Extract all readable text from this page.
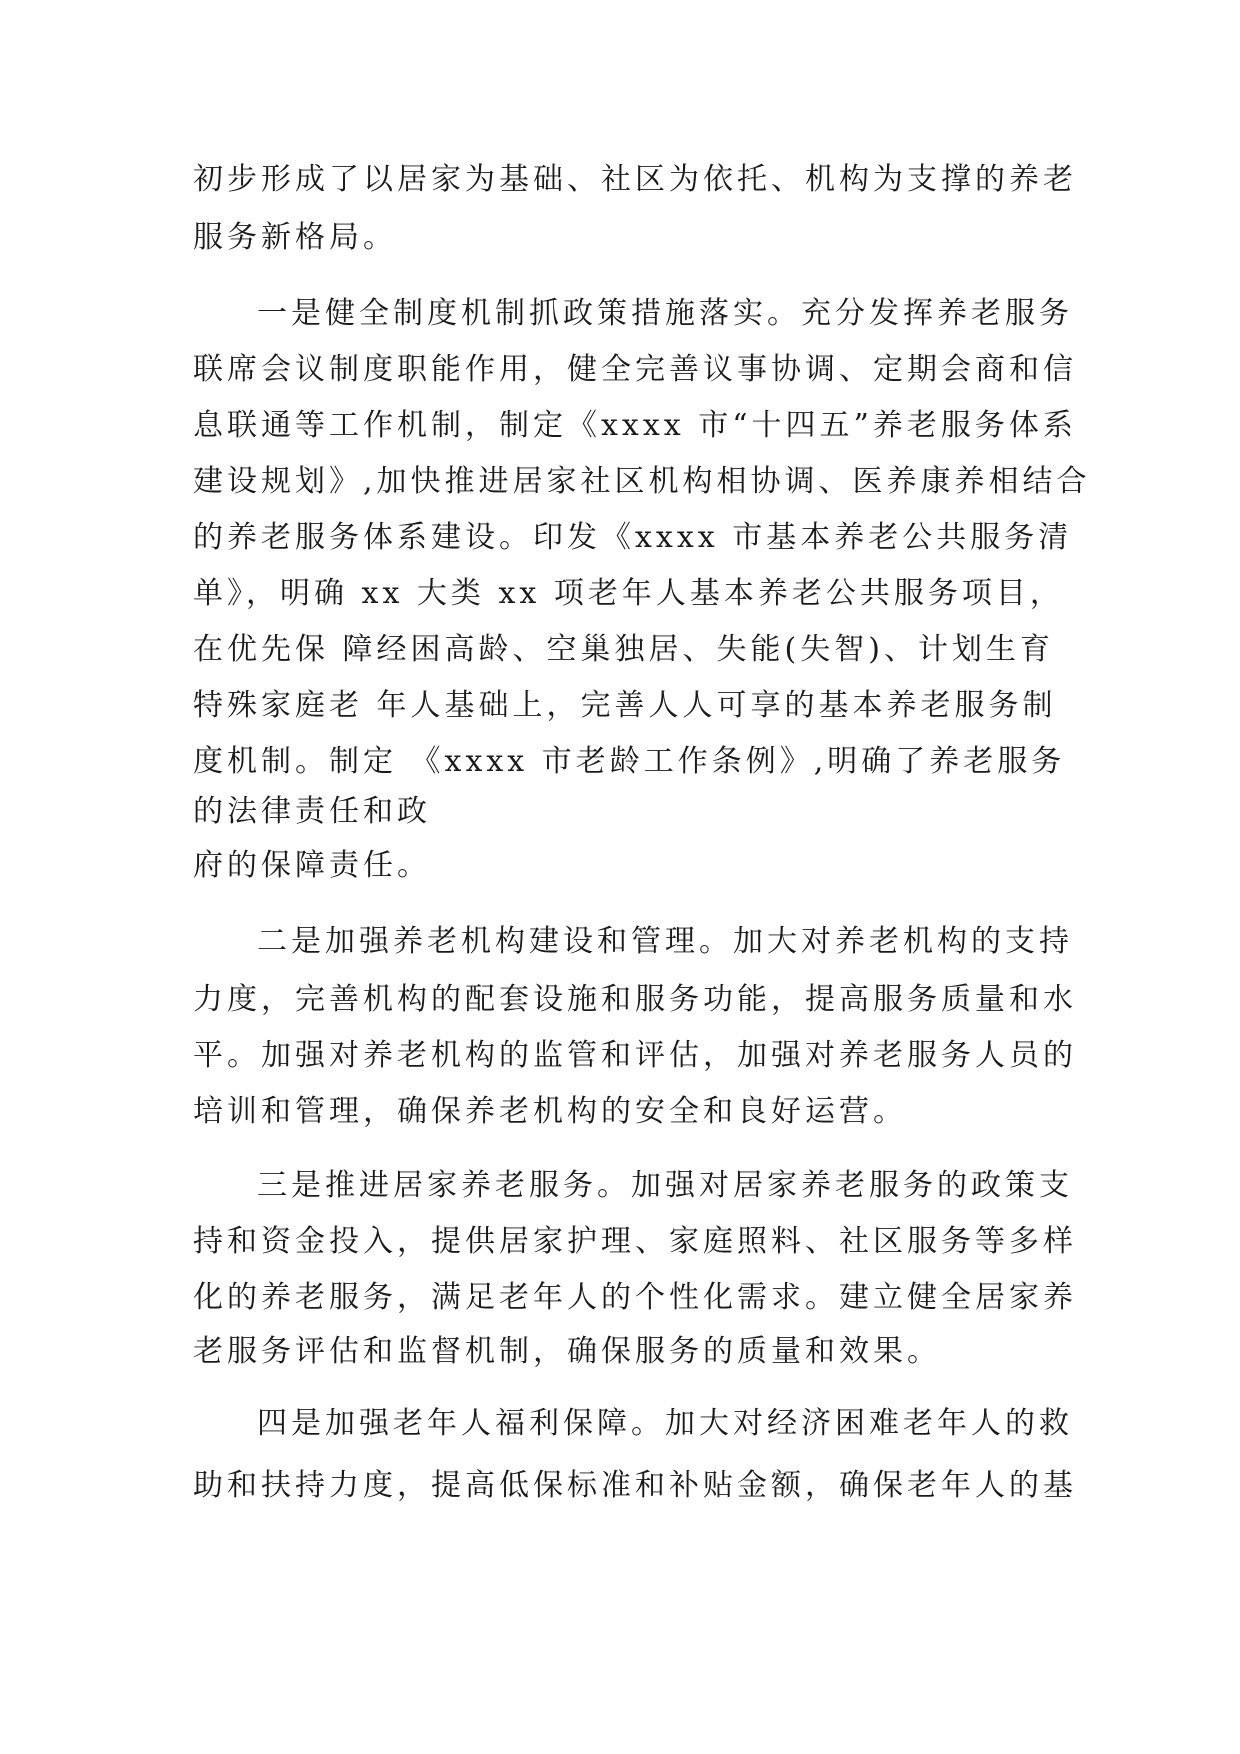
初步形成了以居家为基础、社区为依托、机构为支撑的养老
服务新格局。
一是健全制度机制抓政策措施落实。充分发挥养老服务
联席会议制度职能作用，健全完善议事协调、定期会商和信
息联通等工作机制，制定《xxxx 市“十四五”养老服务体系
建设规划》,加快推进居家社区机构相协调、医养康养相结合
的养老服务体系建设。印发《xxxx 市基本养老公共服务清
单》，明确 xx 大类 xx 项老年人基本养老公共服务项目，
在优先保 障经困高龄、空巢独居、失能(失智)、计划生育
特殊家庭老 年人基础上，完善人人可享的基本养老服务制
度机制。制定 《xxxx 市老龄工作条例》,明确了养老服务
的法律责任和政
府的保障责任。
二是加强养老机构建设和管理。加大对养老机构的支持
力度，完善机构的配套设施和服务功能，提高服务质量和水
平。加强对养老机构的监管和评估，加强对养老服务人员的
培训和管理，确保养老机构的安全和良好运营。
三是推进居家养老服务。加强对居家养老服务的政策支
持和资金投入，提供居家护理、家庭照料、社区服务等多样
化的养老服务，满足老年人的个性化需求。建立健全居家养
老服务评估和监督机制，确保服务的质量和效果。
四是加强老年人福利保障。加大对经济困难老年人的救
助和扶持力度，提高低保标准和补贴金额，确保老年人的基
